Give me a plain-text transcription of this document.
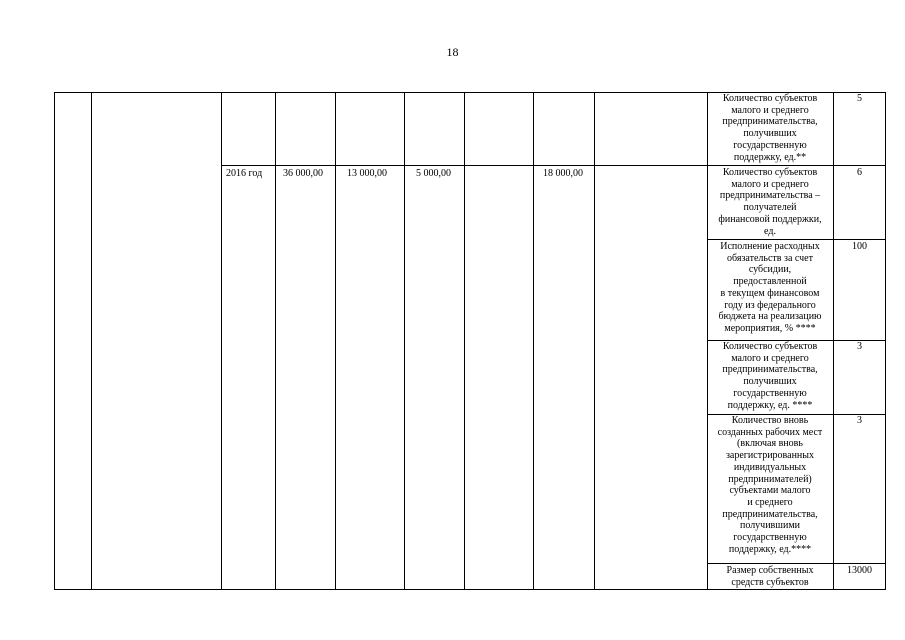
18
2016 год 36 000,00 13 000,00	5 000,00	18 000,00
Количество субъектов
малого и среднего
предпринимательства,
получивших
государственную
поддержку, ед.**
5
Количество субъектов
малого и среднего
предпринимательства –
получателей
финансовой поддержки,
ед.
6
Исполнение расходных
обязательств за счет
субсидии,
предоставленной
в текущем финансовом
году из федерального
бюджета на реализацию
мероприятия, % ****
100
Количество субъектов
малого и среднего
предпринимательства,
получивших
государственную
поддержку, ед. ****
3
Количество вновь
созданных рабочих мест
(включая вновь
зарегистрированных
индивидуальных
предпринимателей)
субъектами малого
и среднего
предпринимательства,
получившими
государственную
поддержку, ед.****
3
Размер собственных
средств субъектов
13000
